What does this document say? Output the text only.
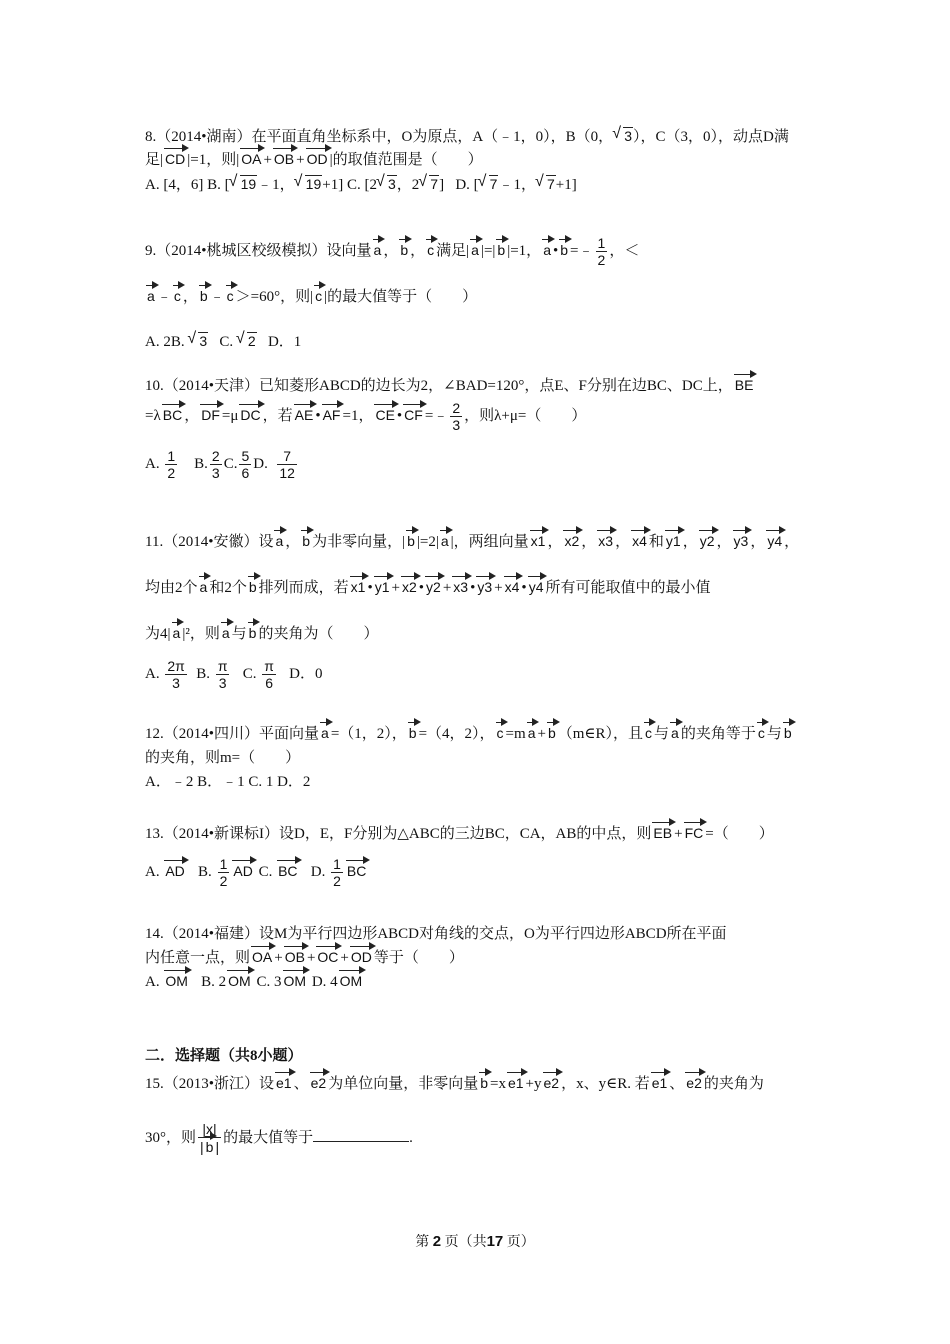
8.（2014•湖南）在平面直角坐标系中，O为原点，A（﹣1，0），B（0， √ 3），C（3，0），动点D满
足| CD |=1，则| OA + OB + OD |的取值范围是（　　）
A. [4，6] B. [ √ 19﹣1， √ 19+1] C. [2 √ 3，2 √ 7] D. [ √ 7﹣1， √ 7+1]
9.（2014•桃城区校级模拟）设向量 a ， b ， c 满足| a |=| b |=1， a • b =﹣ $\frac{1}{2}$ ，＜
a ﹣ c ， b ﹣ c ＞=60°，则| c |的最大值等于（　　）
A. 2B. √ 3 C. √ 2 D．1
10.（2014•天津）已知菱形ABCD的边长为2，∠BAD=120°，点E、F分别在边BC、DC上， BE
=λ BC ， DF =μ DC ，若 AE • AF =1， CE • CF =﹣ $\frac{2}{3}$ ，则λ+μ=（　　）
A. $\frac{1}{2} B$. $\frac{2}{3} C$. $\frac{5}{6} D$. $\frac{7}{12}$
11.（2014•安徽）设 a ， b 为非零向量，| b |=2| a |，两组向量 x1 ， x2 ， x3 ， x4 和 y1 ， y2 ， y3 ， y4 ，
均由2个 a 和2个 b 排列而成，若 x1 • y1 + x2 • y2 + x3 • y3 + x4 • y4 所有可能取值中的最小值
为4| a |²，则 a 与 b 的夹角为（　　）
A. $\frac{2\pi}{3} B$. $\frac{\pi}{3} C$. $\frac{\pi}{6}$ D．0
12.（2014•四川）平面向量 a =（1，2）， b =（4，2）， c =m a + b （m∈R），且 c 与 a 的夹角等于 c 与 b
的夹角，则m=（　　）
A．﹣2 B．﹣1 C. 1 D．2
13.（2014•新课标I）设D，E，F分别为△ABC的三边BC，CA，AB的中点，则 EB + FC =（　　）
A. AD B. $\frac{1}{2}$ AD C. BC D. $\frac{1}{2}$ BC
14.（2014•福建）设M为平行四边形ABCD对角线的交点，O为平行四边形ABCD所在平面
内任意一点，则 OA + OB + OC + OD 等于（　　）
A. OM B. 2 OM C. 3 OM D. 4 OM
二．选择题（共8小题）
15.（2013•浙江）设 e1 、 e2 为单位向量，非零向量 b =x e1 +y e2 ，x、y∈R. 若 e1 、 e2 的夹角为
30°，则 $\frac{|x|}{| b |}$ 的最大值等于	.
第 2 页（共17 页）
